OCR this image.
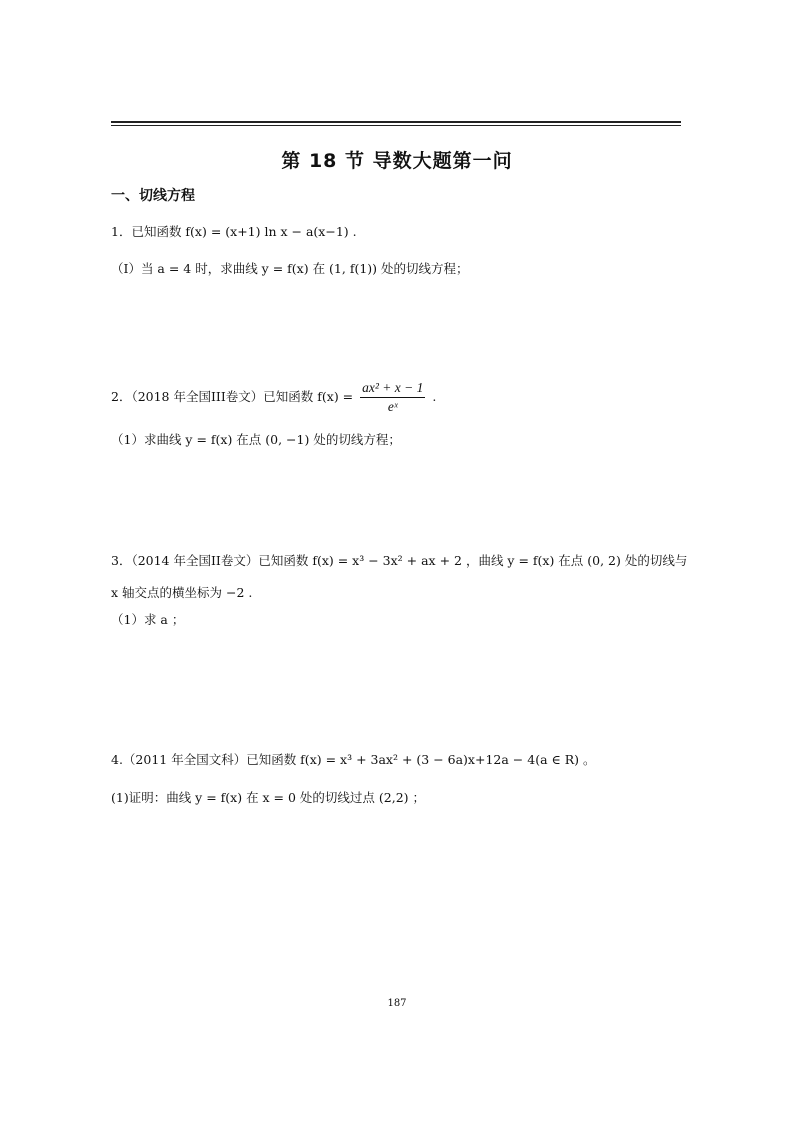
第 18 节 导数大题第一问
一、切线方程
1．已知函数 f(x) = (x+1) ln x − a(x−1) .
（I）当 a = 4 时，求曲线 y = f(x) 在 (1, f(1)) 处的切线方程；
2．（2018 年全国III卷文）已知函数 $f(x) = \frac{\text{ax² + x − 1}}{\text{eˣ}}$ .
（1）求曲线 y = f(x) 在点 (0, −1) 处的切线方程；
3．（2014 年全国II卷文）已知函数 f(x) = x³ − 3x² + ax + 2 ，曲线 y = f(x) 在点 (0, 2) 处的切线与
x 轴交点的横坐标为 −2 .
（1）求 a ；
4.（2011 年全国文科）已知函数 f(x) = x³ + 3ax² + (3 − 6a)x+12a − 4(a ∈ R) 。
(1)证明：曲线 y = f(x) 在 x = 0 处的切线过点 (2,2) ；
187
